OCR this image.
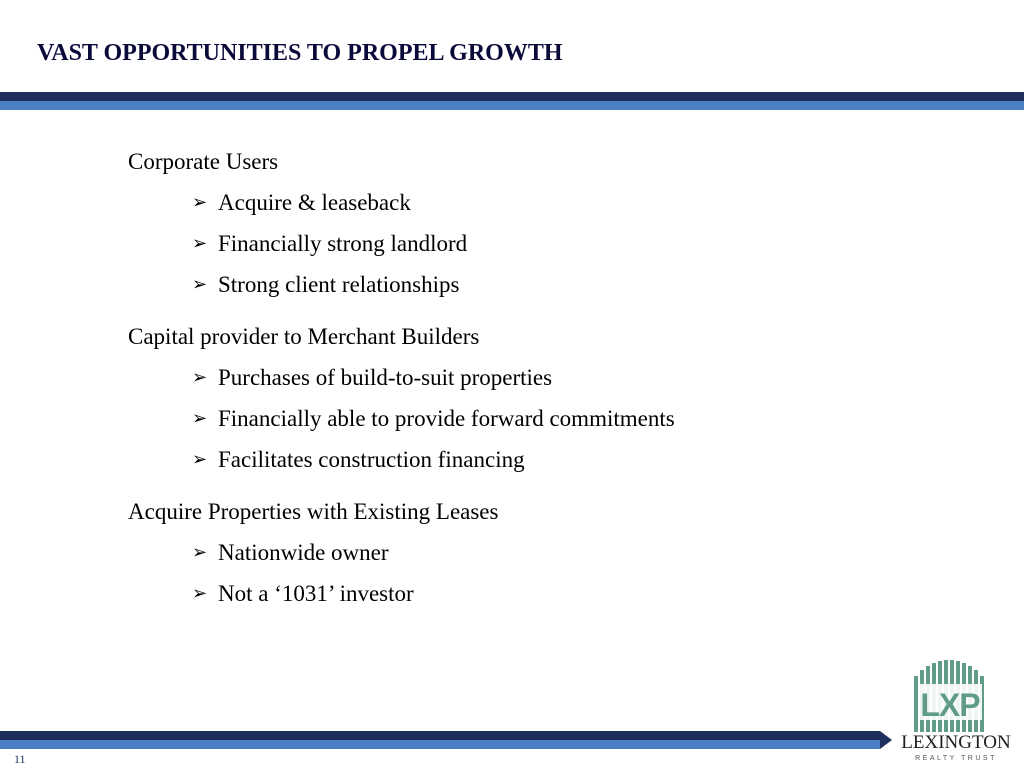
VAST OPPORTUNITIES TO PROPEL GROWTH
Corporate Users
➢ Acquire & leaseback
➢ Financially strong landlord
➢ Strong client relationships
Capital provider to Merchant Builders
➢ Purchases of build-to-suit properties
➢ Financially able to provide forward commitments
➢ Facilitates construction financing
Acquire Properties with Existing Leases
➢ Nationwide owner
➢ Not a ‘1031’ investor
11
LXP
LEXINGTON
REALTY TRUST
